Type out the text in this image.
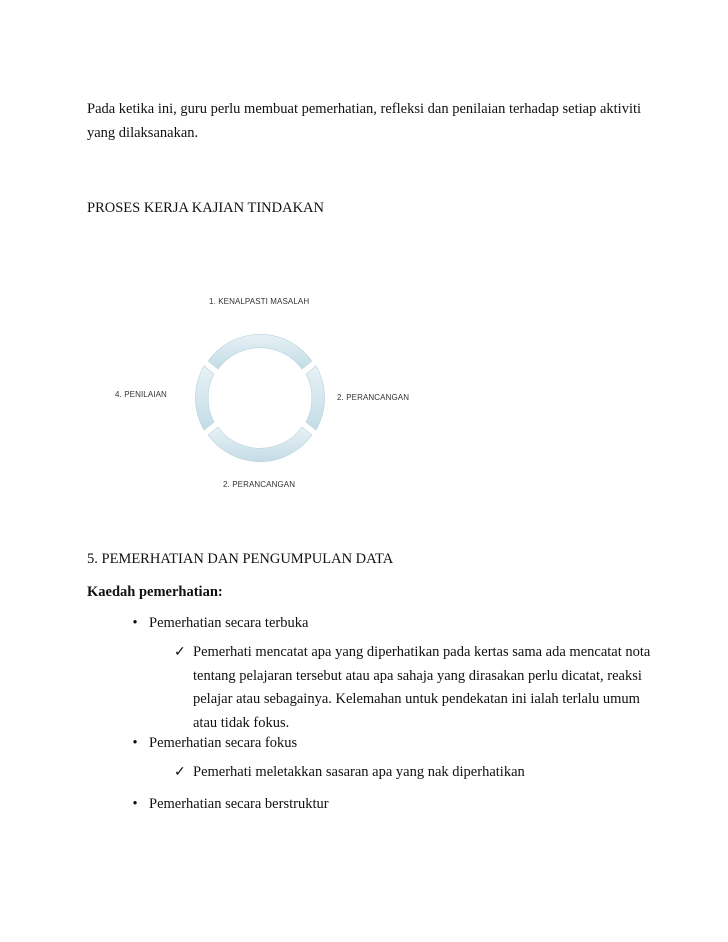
Pada ketika ini, guru perlu membuat pemerhatian, refleksi dan penilaian terhadap setiap aktiviti yang dilaksanakan.
PROSES KERJA KAJIAN TINDAKAN
1. KENALPASTI MASALAH
2. PERANCANGAN
2. PERANCANGAN
4. PENILAIAN
5. PEMERHATIAN DAN PENGUMPULAN DATA
Kaedah pemerhatian:
• Pemerhatian secara terbuka
✓ Pemerhati mencatat apa yang diperhatikan pada kertas sama ada mencatat nota tentang pelajaran tersebut atau apa sahaja yang dirasakan perlu dicatat, reaksi pelajar atau sebagainya. Kelemahan untuk pendekatan ini ialah terlalu umum atau tidak fokus.
• Pemerhatian secara fokus
✓ Pemerhati meletakkan sasaran apa yang nak diperhatikan
• Pemerhatian secara berstruktur
